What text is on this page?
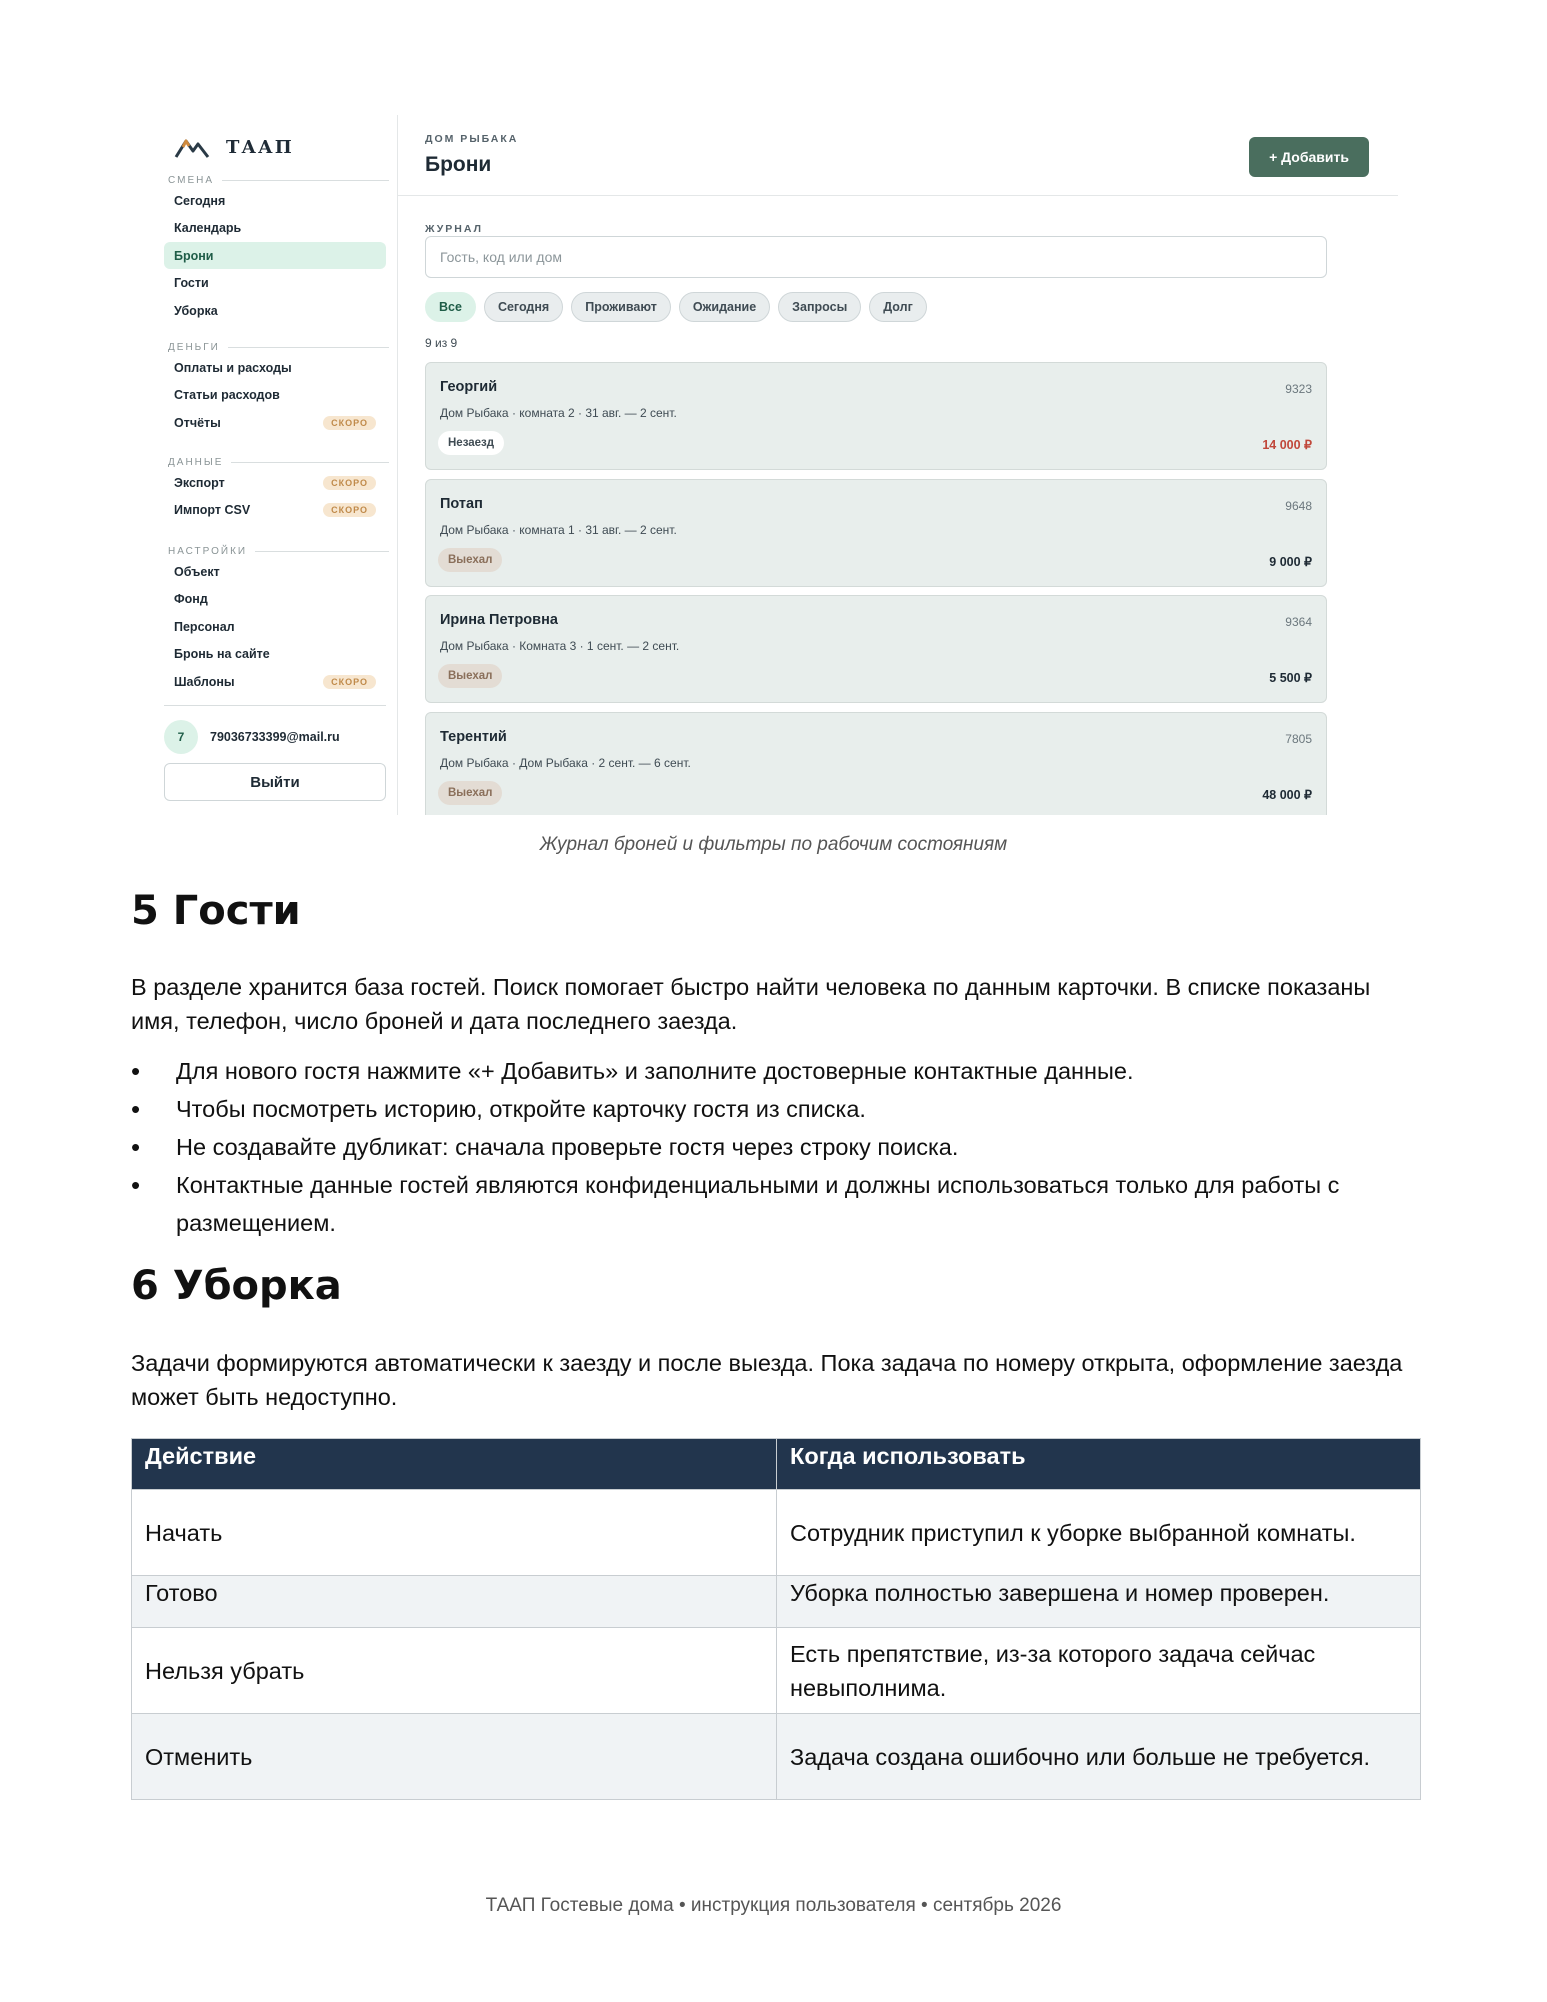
ТААП
СМЕНА
Сегодня
Календарь
Брони
Гости
Уборка
ДЕНЬГИ
Оплаты и расходы
Статьи расходов
Отчёты	СКОРО
ДАННЫЕ
Экспорт	СКОРО
Импорт CSV	СКОРО
НАСТРОЙКИ
Объект
Фонд
Персонал
Бронь на сайте
Шаблоны	СКОРО
7	79036733399@mail.ru
Выйти
ДОМ РЫБАКА
Брони	+ Добавить
ЖУРНАЛ
Гость, код или дом
Все	Сегодня	Проживают	Ожидание	Запросы	Долг
9 из 9
Георгий	9323
Дом Рыбака · комната 2 · 31 авг. — 2 сент.
Незаезд	14 000 ₽
Потап	9648
Дом Рыбака · комната 1 · 31 авг. — 2 сент.
Выехал	9 000 ₽
Ирина Петровна	9364
Дом Рыбака · Комната 3 · 1 сент. — 2 сент.
Выехал	5 500 ₽
Терентий	7805
Дом Рыбака · Дом Рыбака · 2 сент. — 6 сент.
Выехал	48 000 ₽
Журнал броней и фильтры по рабочим состояниям
5 Гости

В разделе хранится база гостей. Поиск помогает быстро найти человека по данным карточки. В списке показаны имя, телефон, число броней и дата последнего заезда.

• Для нового гостя нажмите «+ Добавить» и заполните достоверные контактные данные.
• Чтобы посмотреть историю, откройте карточку гостя из списка.
• Не создавайте дубликат: сначала проверьте гостя через строку поиска.
• Контактные данные гостей являются конфиденциальными и должны использоваться только для работы с размещением.
6 Уборка

Задачи формируются автоматически к заезду и после выезда. Пока задача по номеру открыта, оформление заезда может быть недоступно.

Действие	Когда использовать
Начать	Сотрудник приступил к уборке выбранной комнаты.
Готово	Уборка полностью завершена и номер проверен.
Нельзя убрать	Есть препятствие, из-за которого задача сейчас невыполнима.
Отменить	Задача создана ошибочно или больше не требуется.
ТААП Гостевые дома • инструкция пользователя • сентябрь 2026
